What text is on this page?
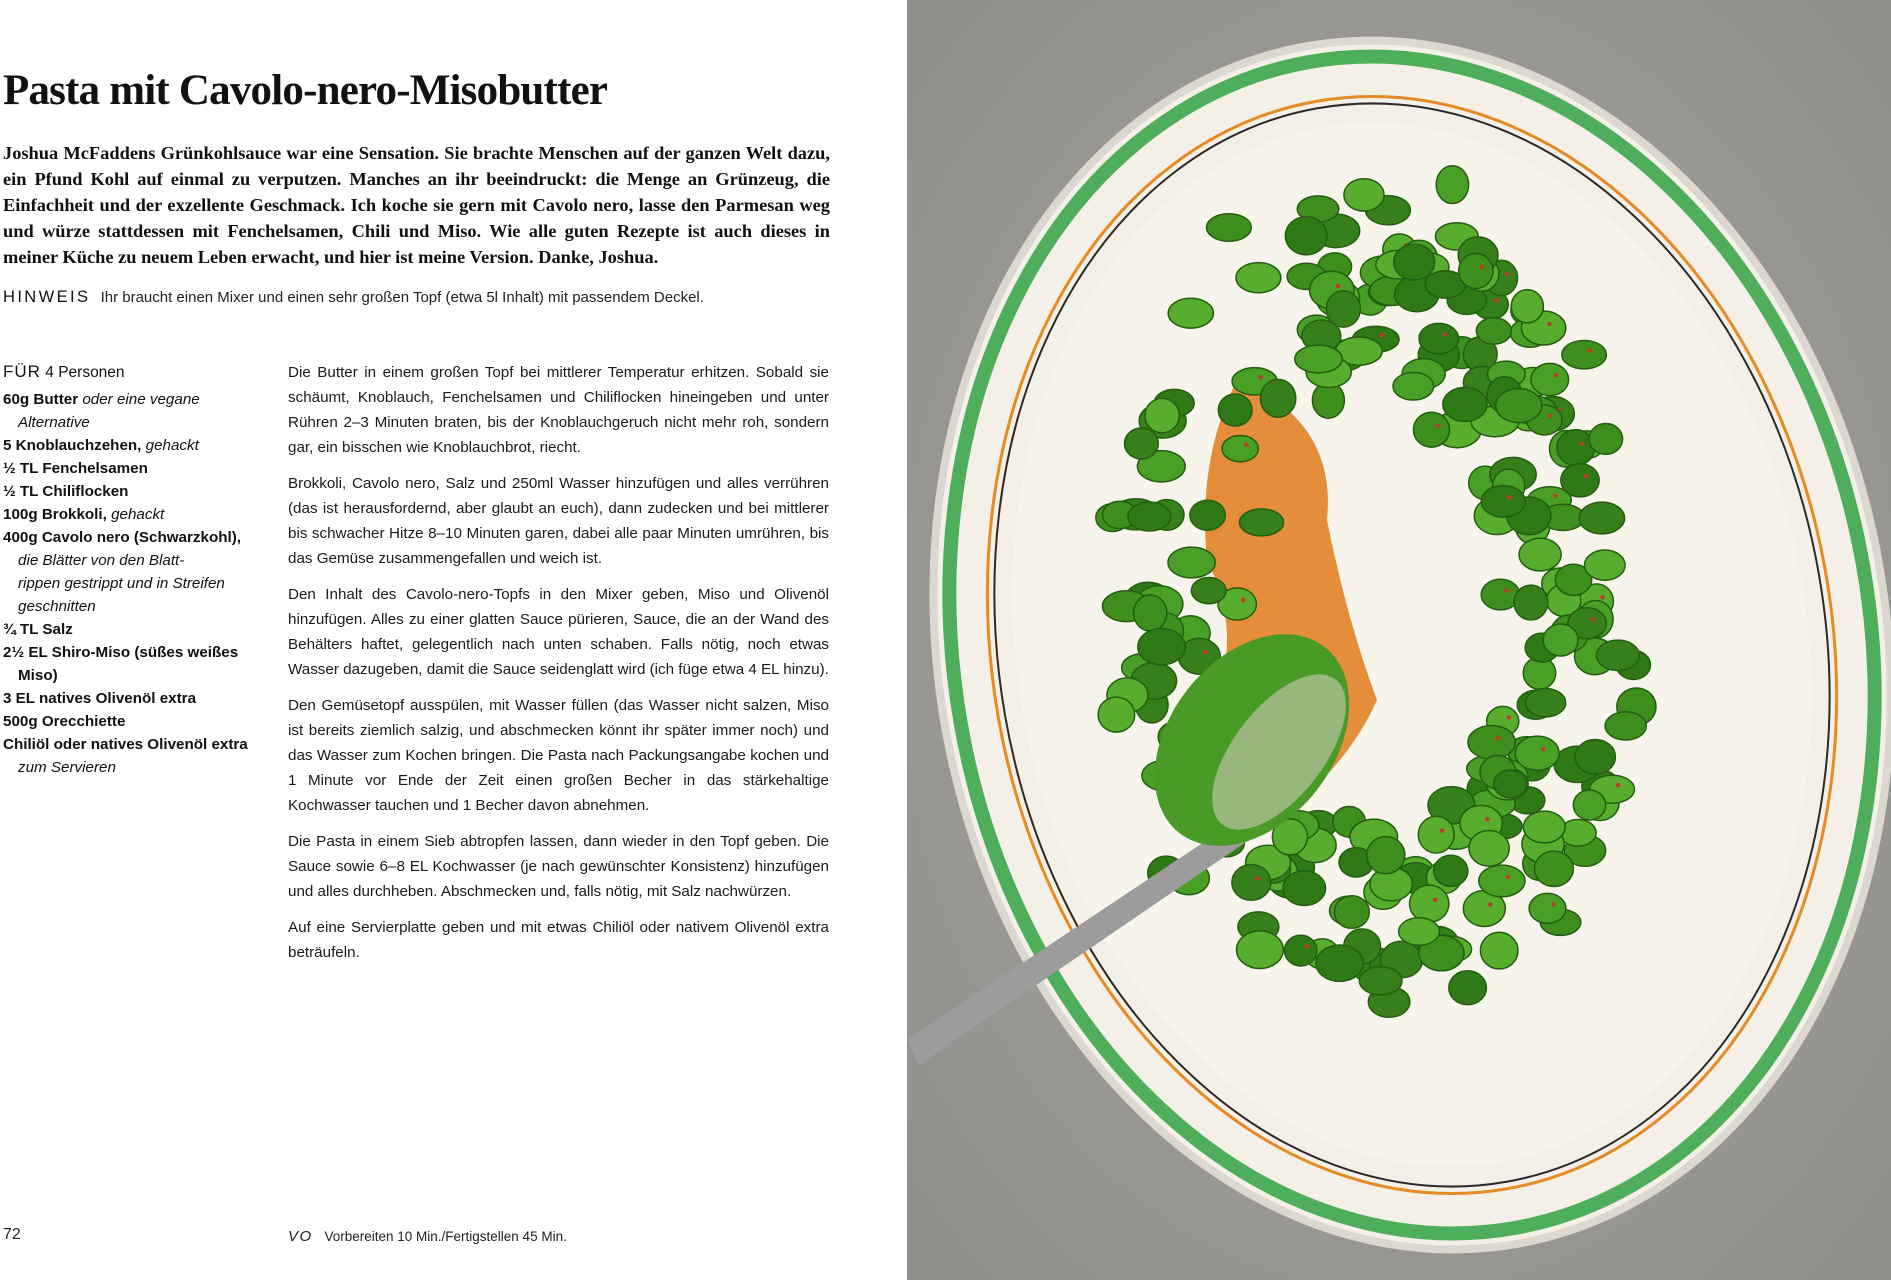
Pasta mit Cavolo-nero-Misobutter
Joshua McFaddens Grünkohlsauce war eine Sensation. Sie brachte Menschen auf der ganzen Welt dazu, ein Pfund Kohl auf einmal zu verputzen. Manches an ihr beeindruckt: die Menge an Grünzeug, die Einfachheit und der exzellente Geschmack. Ich koche sie gern mit Cavolo nero, lasse den Parmesan weg und würze stattdessen mit Fenchelsamen, Chili und Miso. Wie alle guten Rezepte ist auch dieses in meiner Küche zu neuem Leben erwacht, und hier ist meine Version. Danke, Joshua.
HINWEIS Ihr braucht einen Mixer und einen sehr großen Topf (etwa 5l Inhalt) mit passendem Deckel.
FÜR 4 Personen
60g Butter oder eine vegane
Alternative
5 Knoblauchzehen, gehackt
½ TL Fenchelsamen
½ TL Chiliflocken
100g Brokkoli, gehackt
400g Cavolo nero (Schwarzkohl),
die Blätter von den Blatt-
rippen gestrippt und in Streifen
geschnitten
¾ TL Salz
2½ EL Shiro-Miso (süßes weißes
Miso)
3 EL natives Olivenöl extra
500g Orecchiette
Chiliöl oder natives Olivenöl extra
zum Servieren

Die Butter in einem großen Topf bei mittlerer Temperatur erhitzen. Sobald sie schäumt, Knoblauch, Fenchelsamen und Chiliflocken hineingeben und unter Rühren 2–3 Minuten braten, bis der Knoblauchgeruch nicht mehr roh, sondern gar, ein bisschen wie Knoblauchbrot, riecht.

Brokkoli, Cavolo nero, Salz und 250ml Wasser hinzufügen und alles verrühren (das ist herausfordernd, aber glaubt an euch), dann zudecken und bei mittlerer bis schwacher Hitze 8–10 Minuten garen, dabei alle paar Minuten umrühren, bis das Gemüse zusammengefallen und weich ist.

Den Inhalt des Cavolo-nero-Topfs in den Mixer geben, Miso und Olivenöl hinzufügen. Alles zu einer glatten Sauce pürieren, Sauce, die an der Wand des Behälters haftet, gelegentlich nach unten schaben. Falls nötig, noch etwas Wasser dazugeben, damit die Sauce seidenglatt wird (ich füge etwa 4 EL hinzu).

Den Gemüsetopf ausspülen, mit Wasser füllen (das Wasser nicht salzen, Miso ist bereits ziemlich salzig, und abschmecken könnt ihr später immer noch) und das Wasser zum Kochen bringen. Die Pasta nach Packungsangabe kochen und 1 Minute vor Ende der Zeit einen großen Becher in das stärkehaltige Kochwasser tauchen und 1 Becher davon abnehmen.

Die Pasta in einem Sieb abtropfen lassen, dann wieder in den Topf geben. Die Sauce sowie 6–8 EL Kochwasser (je nach gewünschter Konsistenz) hinzufügen und alles durchheben. Abschmecken und, falls nötig, mit Salz nachwürzen.

Auf eine Servierplatte geben und mit etwas Chiliöl oder nativem Olivenöl extra beträufeln.

72	VO Vorbereiten 10 Min./Fertigstellen 45 Min.
